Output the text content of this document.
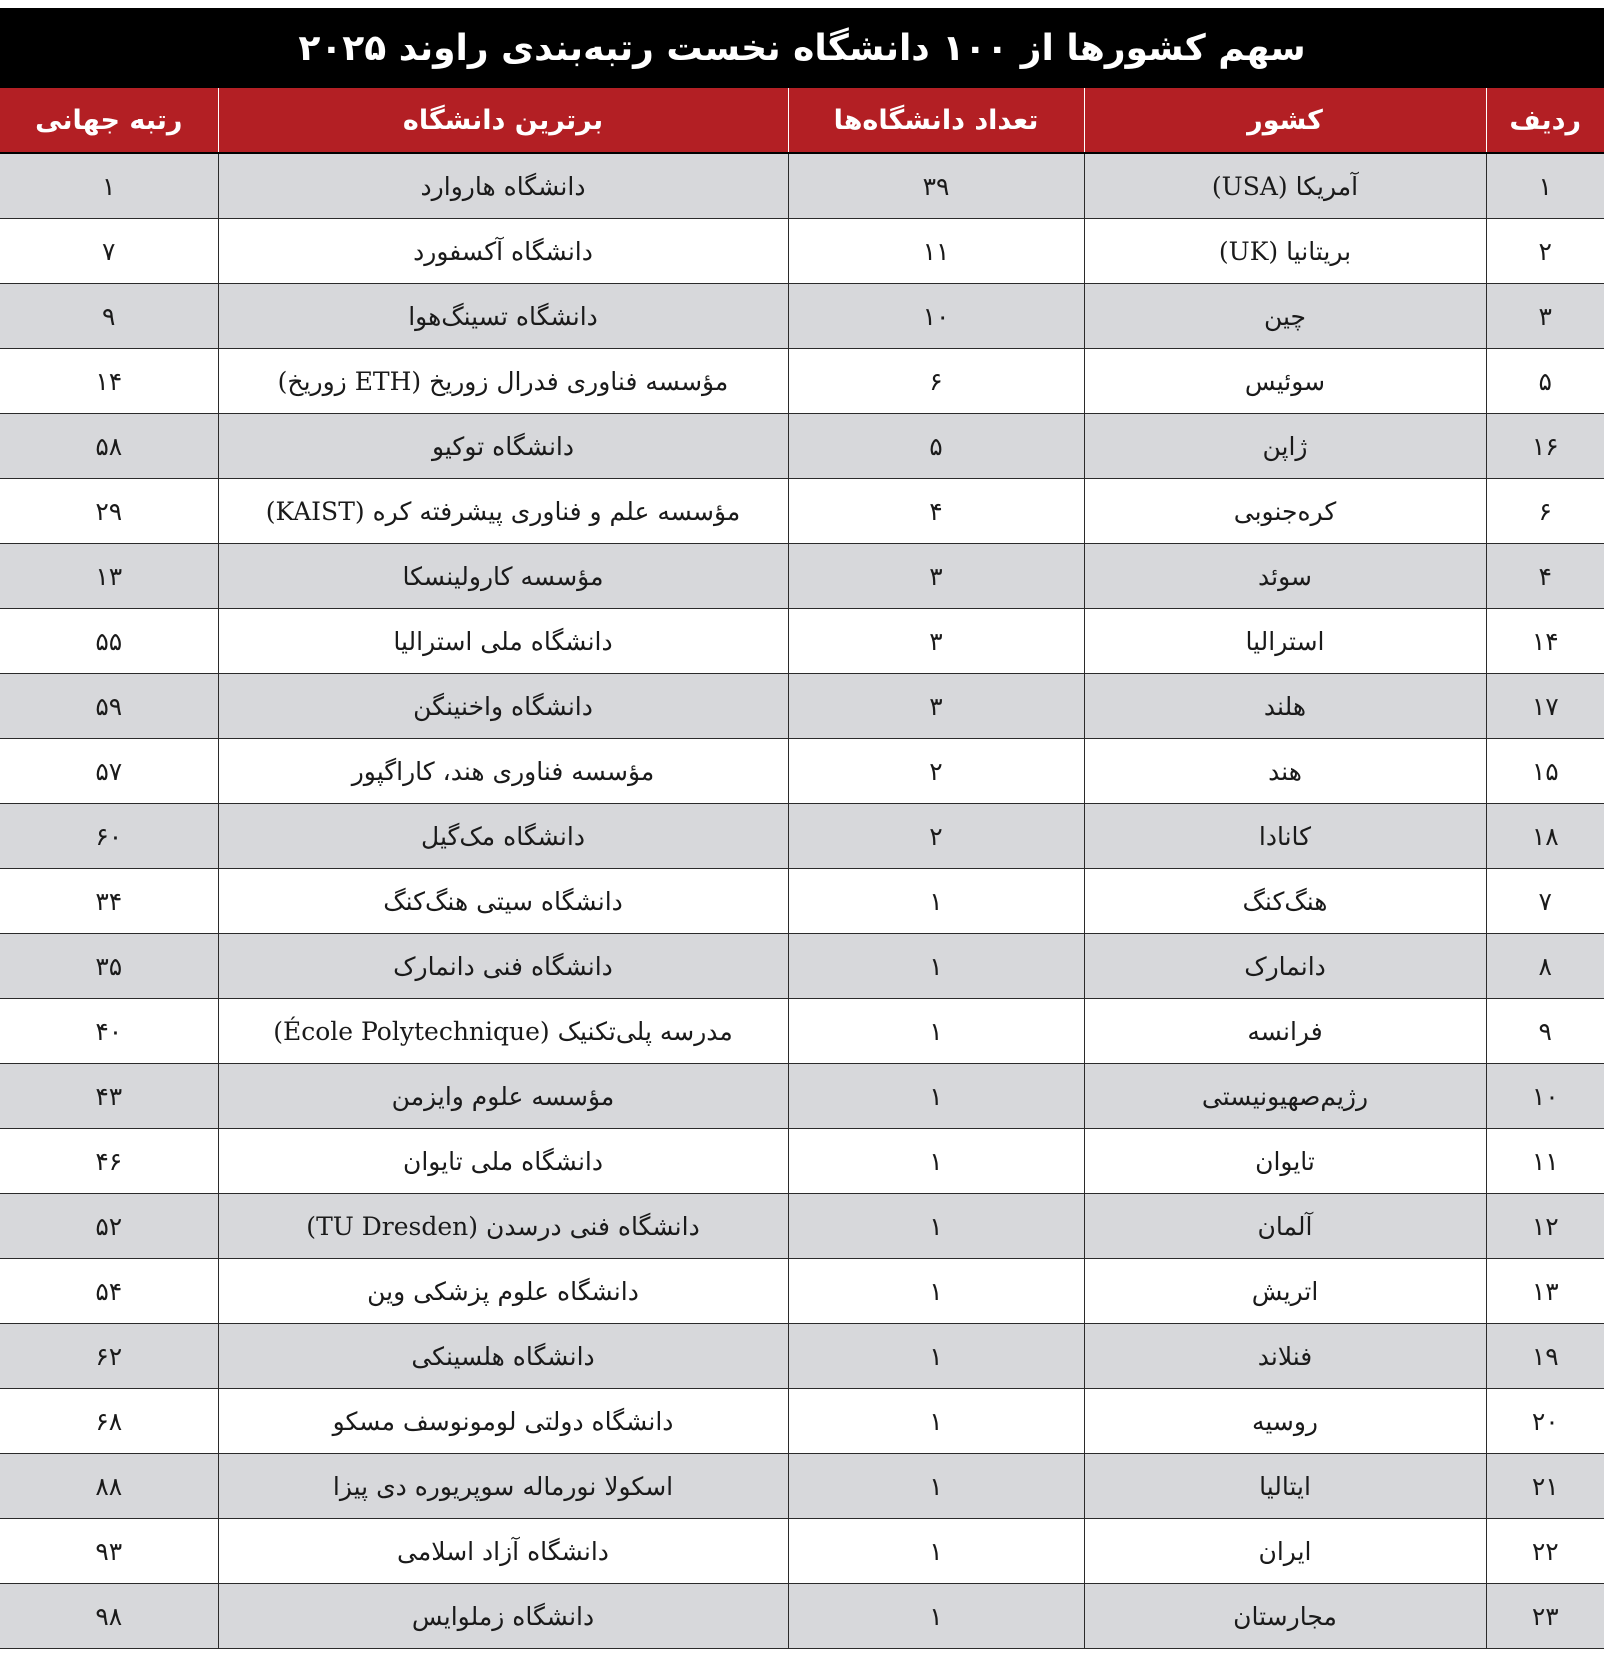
سهم کشورها از ۱۰۰ دانشگاه نخست رتبه‌بندی راوند ۲۰۲۵
ردیف	کشور	تعداد دانشگاه‌ها	برترین دانشگاه	رتبه جهانی
۱	آمریکا (USA)	۳۹	دانشگاه هاروارد	۱
۲	بریتانیا (UK)	۱۱	دانشگاه آکسفورد	۷
۳	چین	۱۰	دانشگاه تسینگ‌هوا	۹
۵	سوئیس	۶	مؤسسه فناوری فدرال زوریخ (ETH زوریخ)	۱۴
۱۶	ژاپن	۵	دانشگاه توکیو	۵۸
۶	کره‌جنوبی	۴	مؤسسه علم و فناوری پیشرفته کره (KAIST)	۲۹
۴	سوئد	۳	مؤسسه کارولینسکا	۱۳
۱۴	استرالیا	۳	دانشگاه ملی استرالیا	۵۵
۱۷	هلند	۳	دانشگاه واخنینگن	۵۹
۱۵	هند	۲	مؤسسه فناوری هند، کاراگپور	۵۷
۱۸	کانادا	۲	دانشگاه مک‌گیل	۶۰
۷	هنگ‌کنگ	۱	دانشگاه سیتی هنگ‌کنگ	۳۴
۸	دانمارک	۱	دانشگاه فنی دانمارک	۳۵
۹	فرانسه	۱	مدرسه پلی‌تکنیک (École Polytechnique)	۴۰
۱۰	رژیم‌صهیونیستی	۱	مؤسسه علوم وایزمن	۴۳
۱۱	تایوان	۱	دانشگاه ملی تایوان	۴۶
۱۲	آلمان	۱	دانشگاه فنی درسدن (TU Dresden)	۵۲
۱۳	اتریش	۱	دانشگاه علوم پزشکی وین	۵۴
۱۹	فنلاند	۱	دانشگاه هلسینکی	۶۲
۲۰	روسیه	۱	دانشگاه دولتی لومونوسف مسکو	۶۸
۲۱	ایتالیا	۱	اسکولا نورماله سوپریوره دی پیزا	۸۸
۲۲	ایران	۱	دانشگاه آزاد اسلامی	۹۳
۲۳	مجارستان	۱	دانشگاه زملوایس	۹۸
